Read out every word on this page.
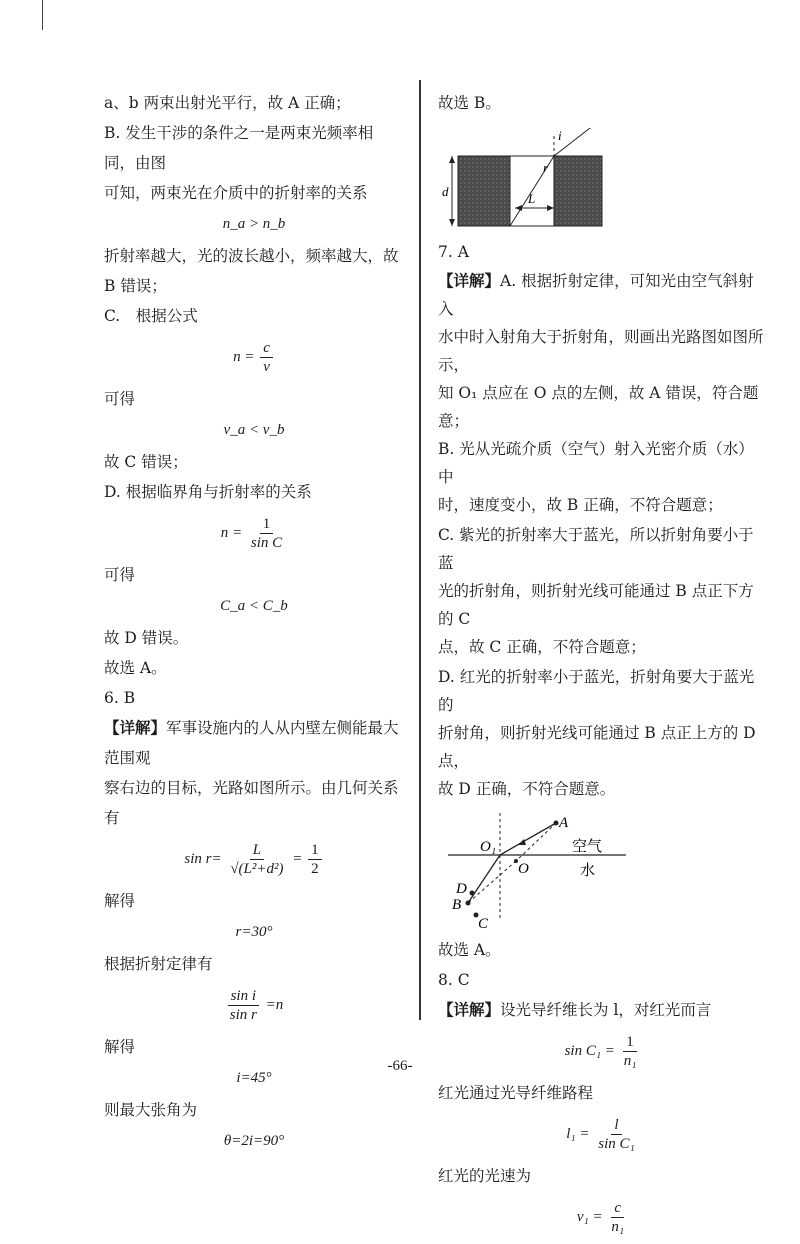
a、b 两束出射光平行，故 A 正确；

B. 发生干涉的条件之一是两束光频率相同，由图

可知，两束光在介质中的折射率的关系

n_a > n_b

折射率越大，光的波长越小，频率越大，故 B 错误；

C.　根据公式

$n = \frac{c}{v}$

可得

v_a < v_b

故 C 错误；

D. 根据临界角与折射率的关系

$n = \frac{1}{\text{sin C}}$

可得

C_a < C_b

故 D 错误。

故选 A。

6. B

【详解】军事设施内的人从内壁左侧能最大范围观

察右边的目标，光路如图所示。由几何关系有

$\sin r= \frac{L}{\text{√(L²+d²)}} = \frac{1}{2}$

解得

r=30°

根据折射定律有

$\frac{\text{sin i}}{\text{sin r}} =n$

解得

i=45°

则最大张角为

θ=2i=90°

故选 B。

d
i
r
L

7. A

【详解】A. 根据折射定律，可知光由空气斜射入

水中时入射角大于折射角，则画出光路图如图所示，

知 O₁ 点应在 O 点的左侧，故 A 错误，符合题意；

B. 光从光疏介质（空气）射入光密介质（水）中

时，速度变小，故 B 正确，不符合题意；

C. 紫光的折射率大于蓝光，所以折射角要小于蓝

光的折射角，则折射光线可能通过 B 点正下方的 C

点，故 C 正确，不符合题意；

D. 红光的折射率小于蓝光，折射角要大于蓝光的

折射角，则折射光线可能通过 B 点正上方的 D 点，

故 D 正确，不符合题意。

A
O₁
O
空气
水
D
B
C

故选 A。

8. C

【详解】设光导纤维长为 l，对红光而言

$\sin C_1 = \frac{1}{\text{n₁}}$

红光通过光导纤维路程

$l_1 = \frac{l}{\text{sin C₁}}$

红光的光速为

$v_1 = \frac{c}{\text{n₁}}$
-66-
